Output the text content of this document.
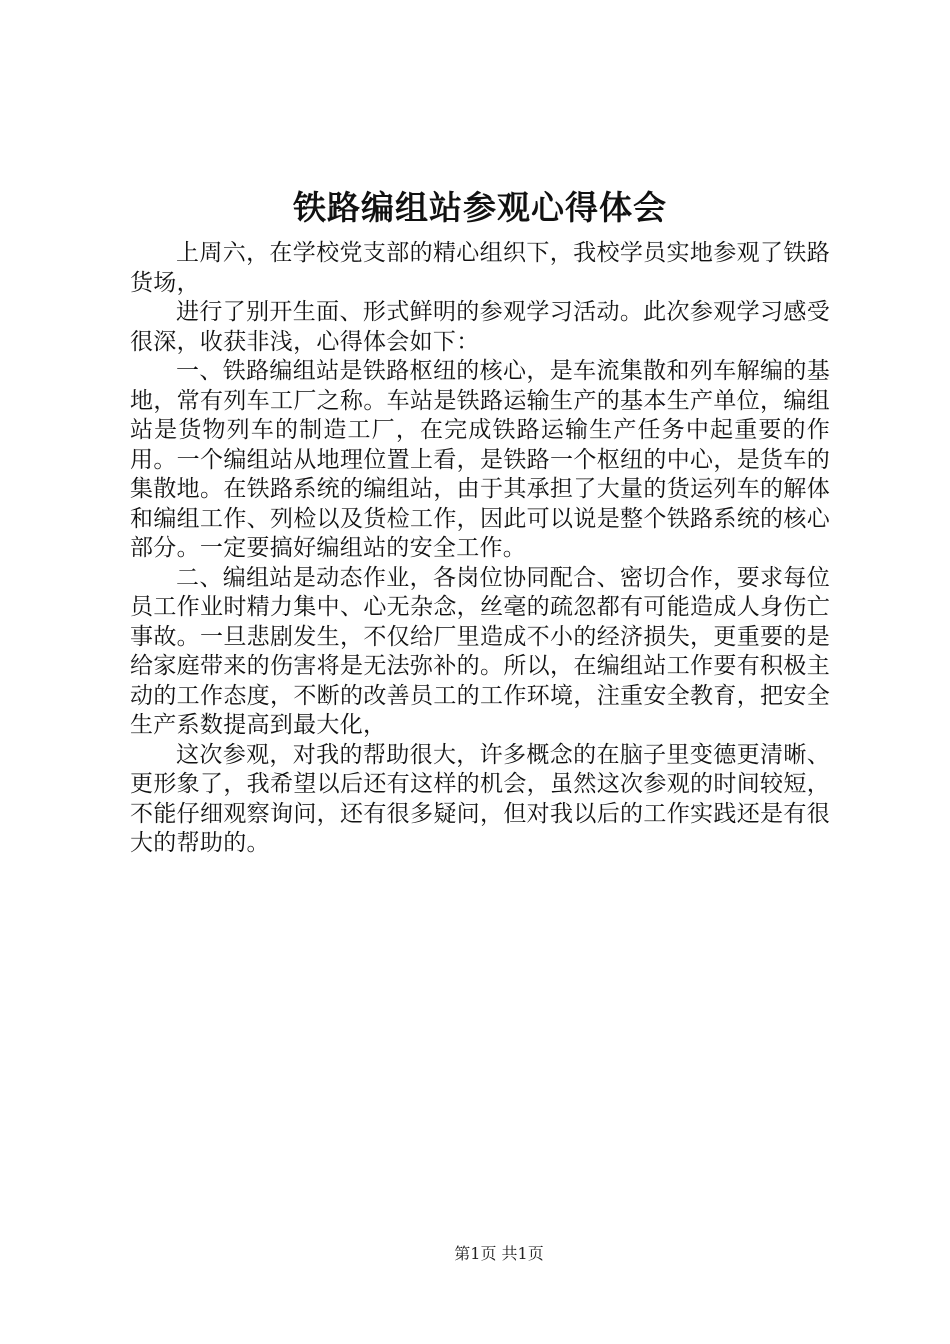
铁路编组站参观心得体会

上周六，在学校党支部的精心组织下，我校学员实地参观了铁路货场，

进行了别开生面、形式鲜明的参观学习活动。此次参观学习感受很深，收获非浅，心得体会如下：

一、铁路编组站是铁路枢纽的核心，是车流集散和列车解编的基地，常有列车工厂之称。车站是铁路运输生产的基本生产单位，编组站是货物列车的制造工厂，在完成铁路运输生产任务中起重要的作用。一个编组站从地理位置上看，是铁路一个枢纽的中心，是货车的集散地。在铁路系统的编组站，由于其承担了大量的货运列车的解体和编组工作、列检以及货检工作，因此可以说是整个铁路系统的核心部分。一定要搞好编组站的安全工作。

二、编组站是动态作业，各岗位协同配合、密切合作，要求每位员工作业时精力集中、心无杂念，丝毫的疏忽都有可能造成人身伤亡事故。一旦悲剧发生，不仅给厂里造成不小的经济损失，更重要的是给家庭带来的伤害将是无法弥补的。所以，在编组站工作要有积极主动的工作态度，不断的改善员工的工作环境，注重安全教育，把安全生产系数提高到最大化，

这次参观，对我的帮助很大，许多概念的在脑子里变德更清晰、更形象了，我希望以后还有这样的机会，虽然这次参观的时间较短，不能仔细观察询问，还有很多疑问，但对我以后的工作实践还是有很大的帮助的。

第1页 共1页
